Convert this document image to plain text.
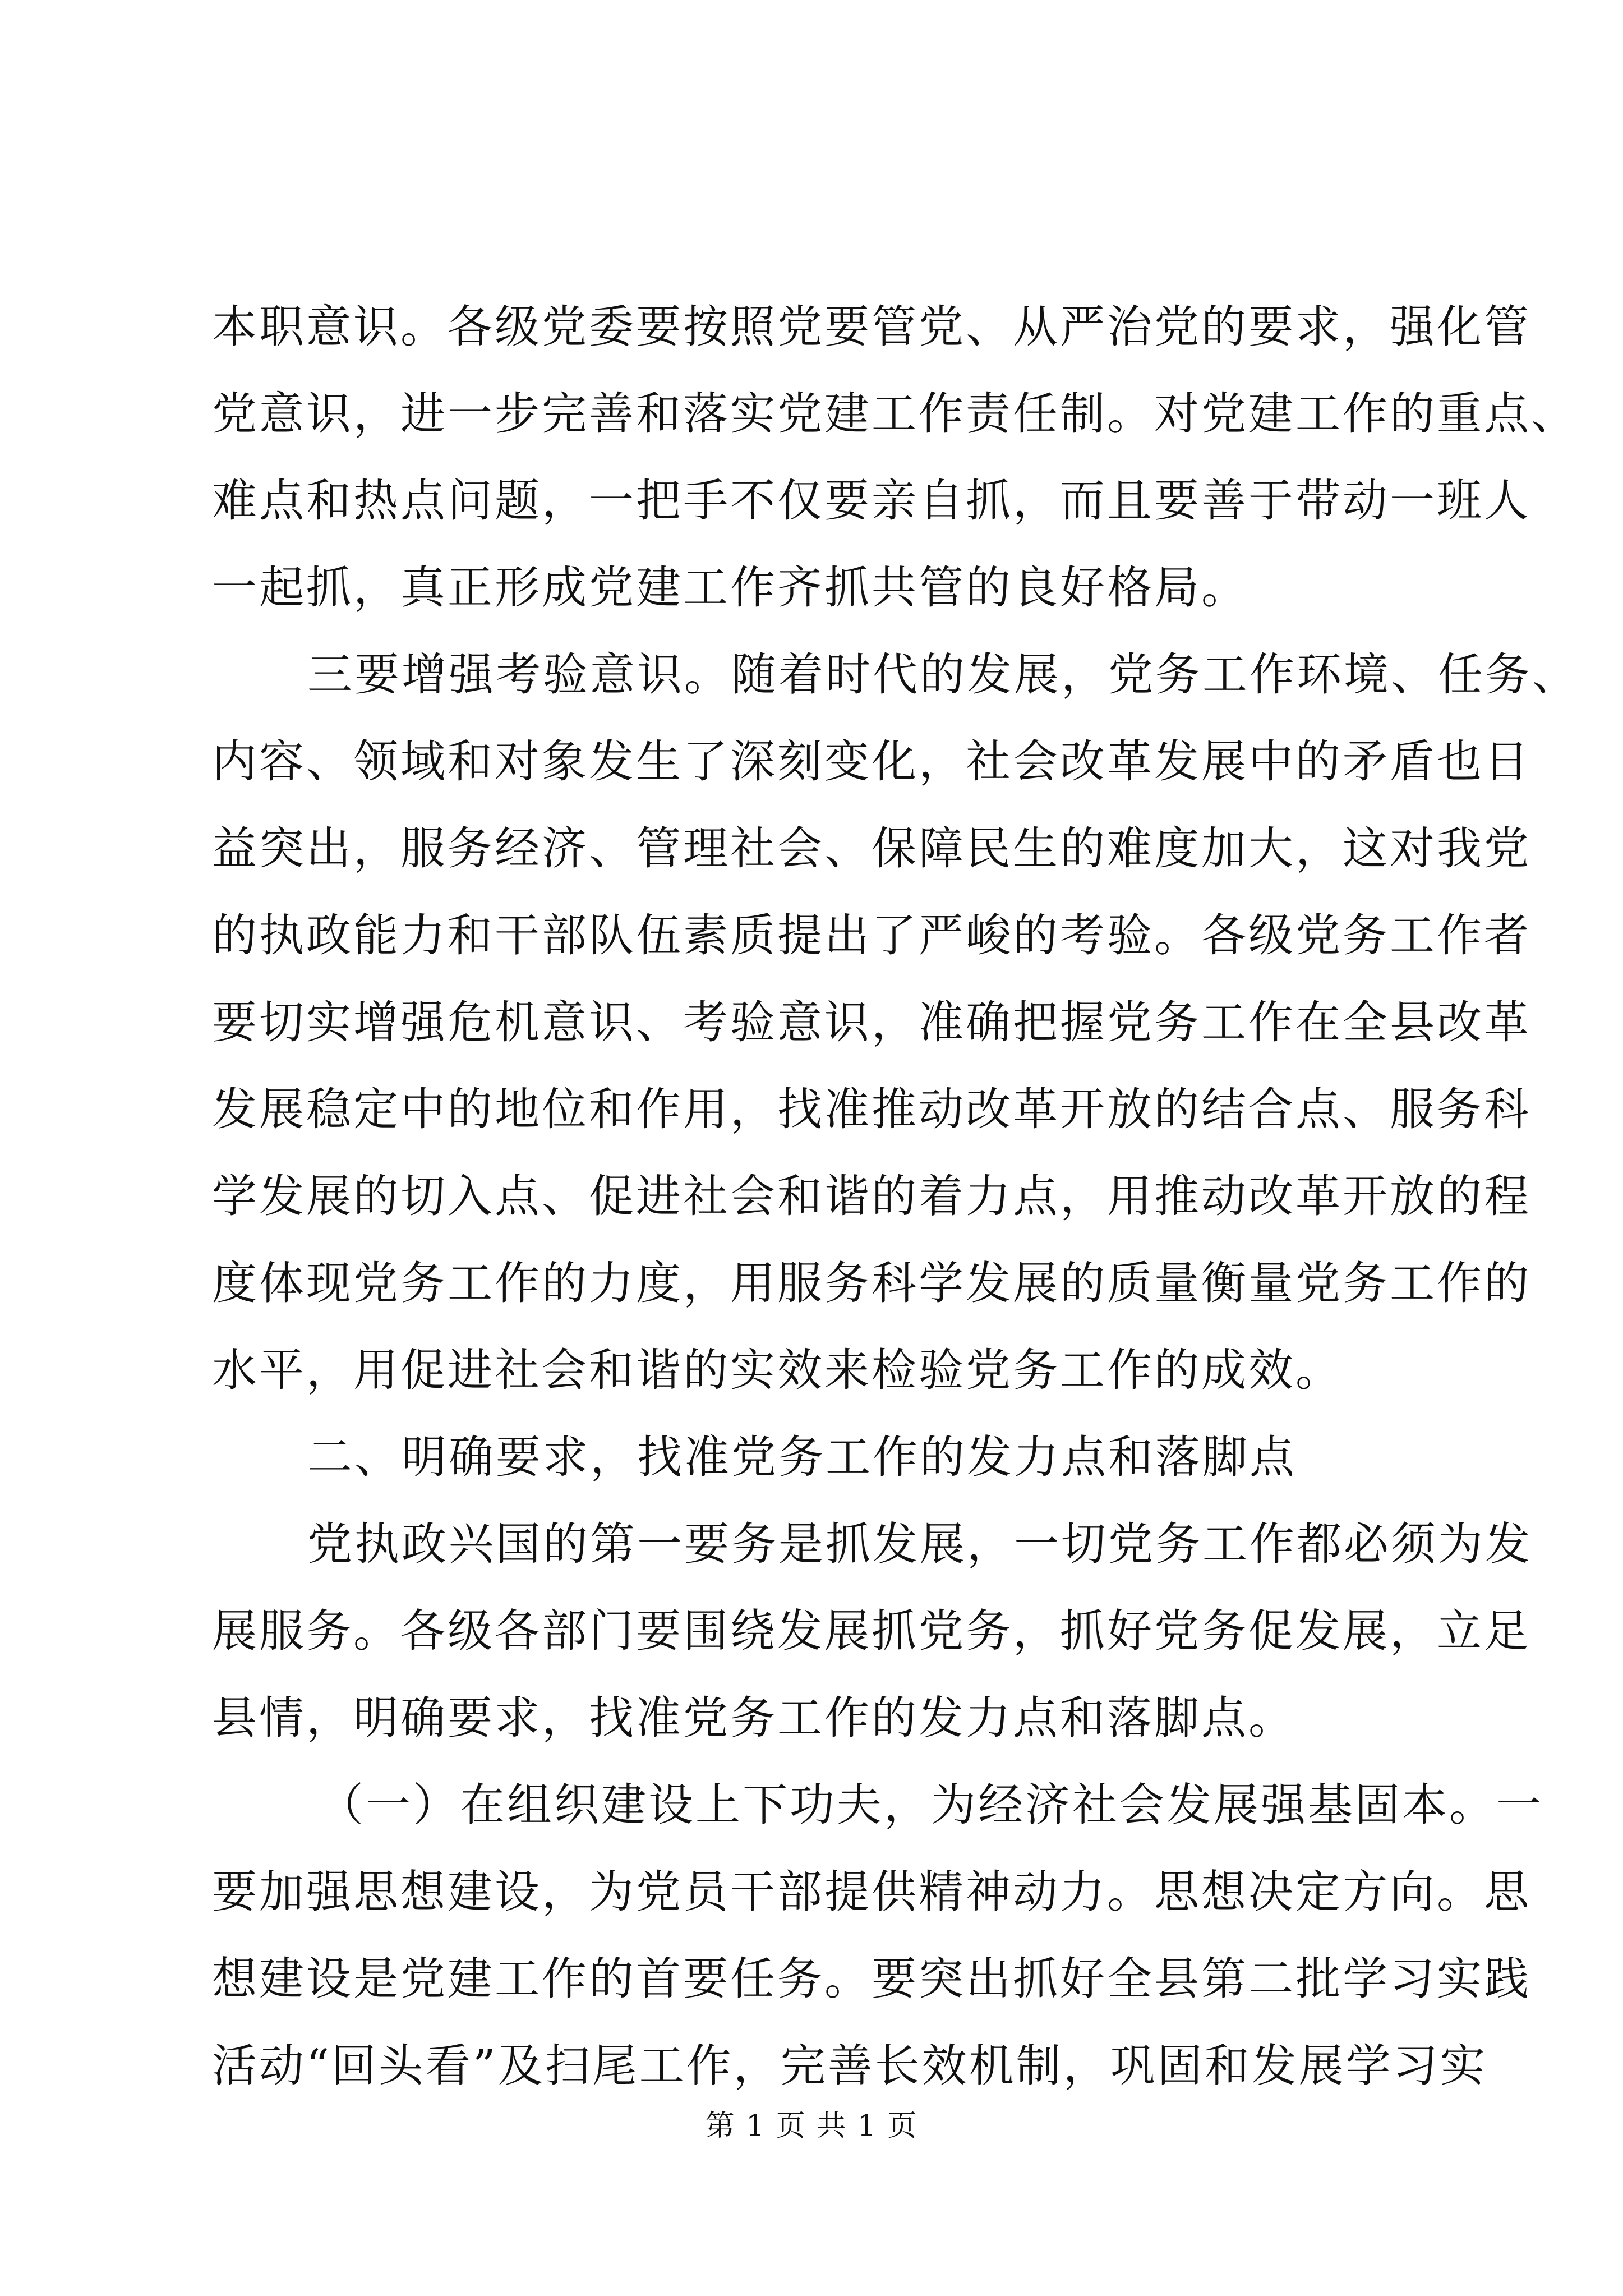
本职意识。各级党委要按照党要管党、从严治党的要求，强化管
党意识，进一步完善和落实党建工作责任制。对党建工作的重点、
难点和热点问题，一把手不仅要亲自抓，而且要善于带动一班人
一起抓，真正形成党建工作齐抓共管的良好格局。
三要增强考验意识。随着时代的发展，党务工作环境、任务、
内容、领域和对象发生了深刻变化，社会改革发展中的矛盾也日
益突出，服务经济、管理社会、保障民生的难度加大，这对我党
的执政能力和干部队伍素质提出了严峻的考验。各级党务工作者
要切实增强危机意识、考验意识，准确把握党务工作在全县改革
发展稳定中的地位和作用，找准推动改革开放的结合点、服务科
学发展的切入点、促进社会和谐的着力点，用推动改革开放的程
度体现党务工作的力度，用服务科学发展的质量衡量党务工作的
水平，用促进社会和谐的实效来检验党务工作的成效。
二、明确要求，找准党务工作的发力点和落脚点
党执政兴国的第一要务是抓发展，一切党务工作都必须为发
展服务。各级各部门要围绕发展抓党务，抓好党务促发展，立足
县情，明确要求，找准党务工作的发力点和落脚点。
（一）在组织建设上下功夫，为经济社会发展强基固本。一
要加强思想建设，为党员干部提供精神动力。思想决定方向。思
想建设是党建工作的首要任务。要突出抓好全县第二批学习实践
活动“回头看”及扫尾工作，完善长效机制，巩固和发展学习实
第 1 页 共 1 页
